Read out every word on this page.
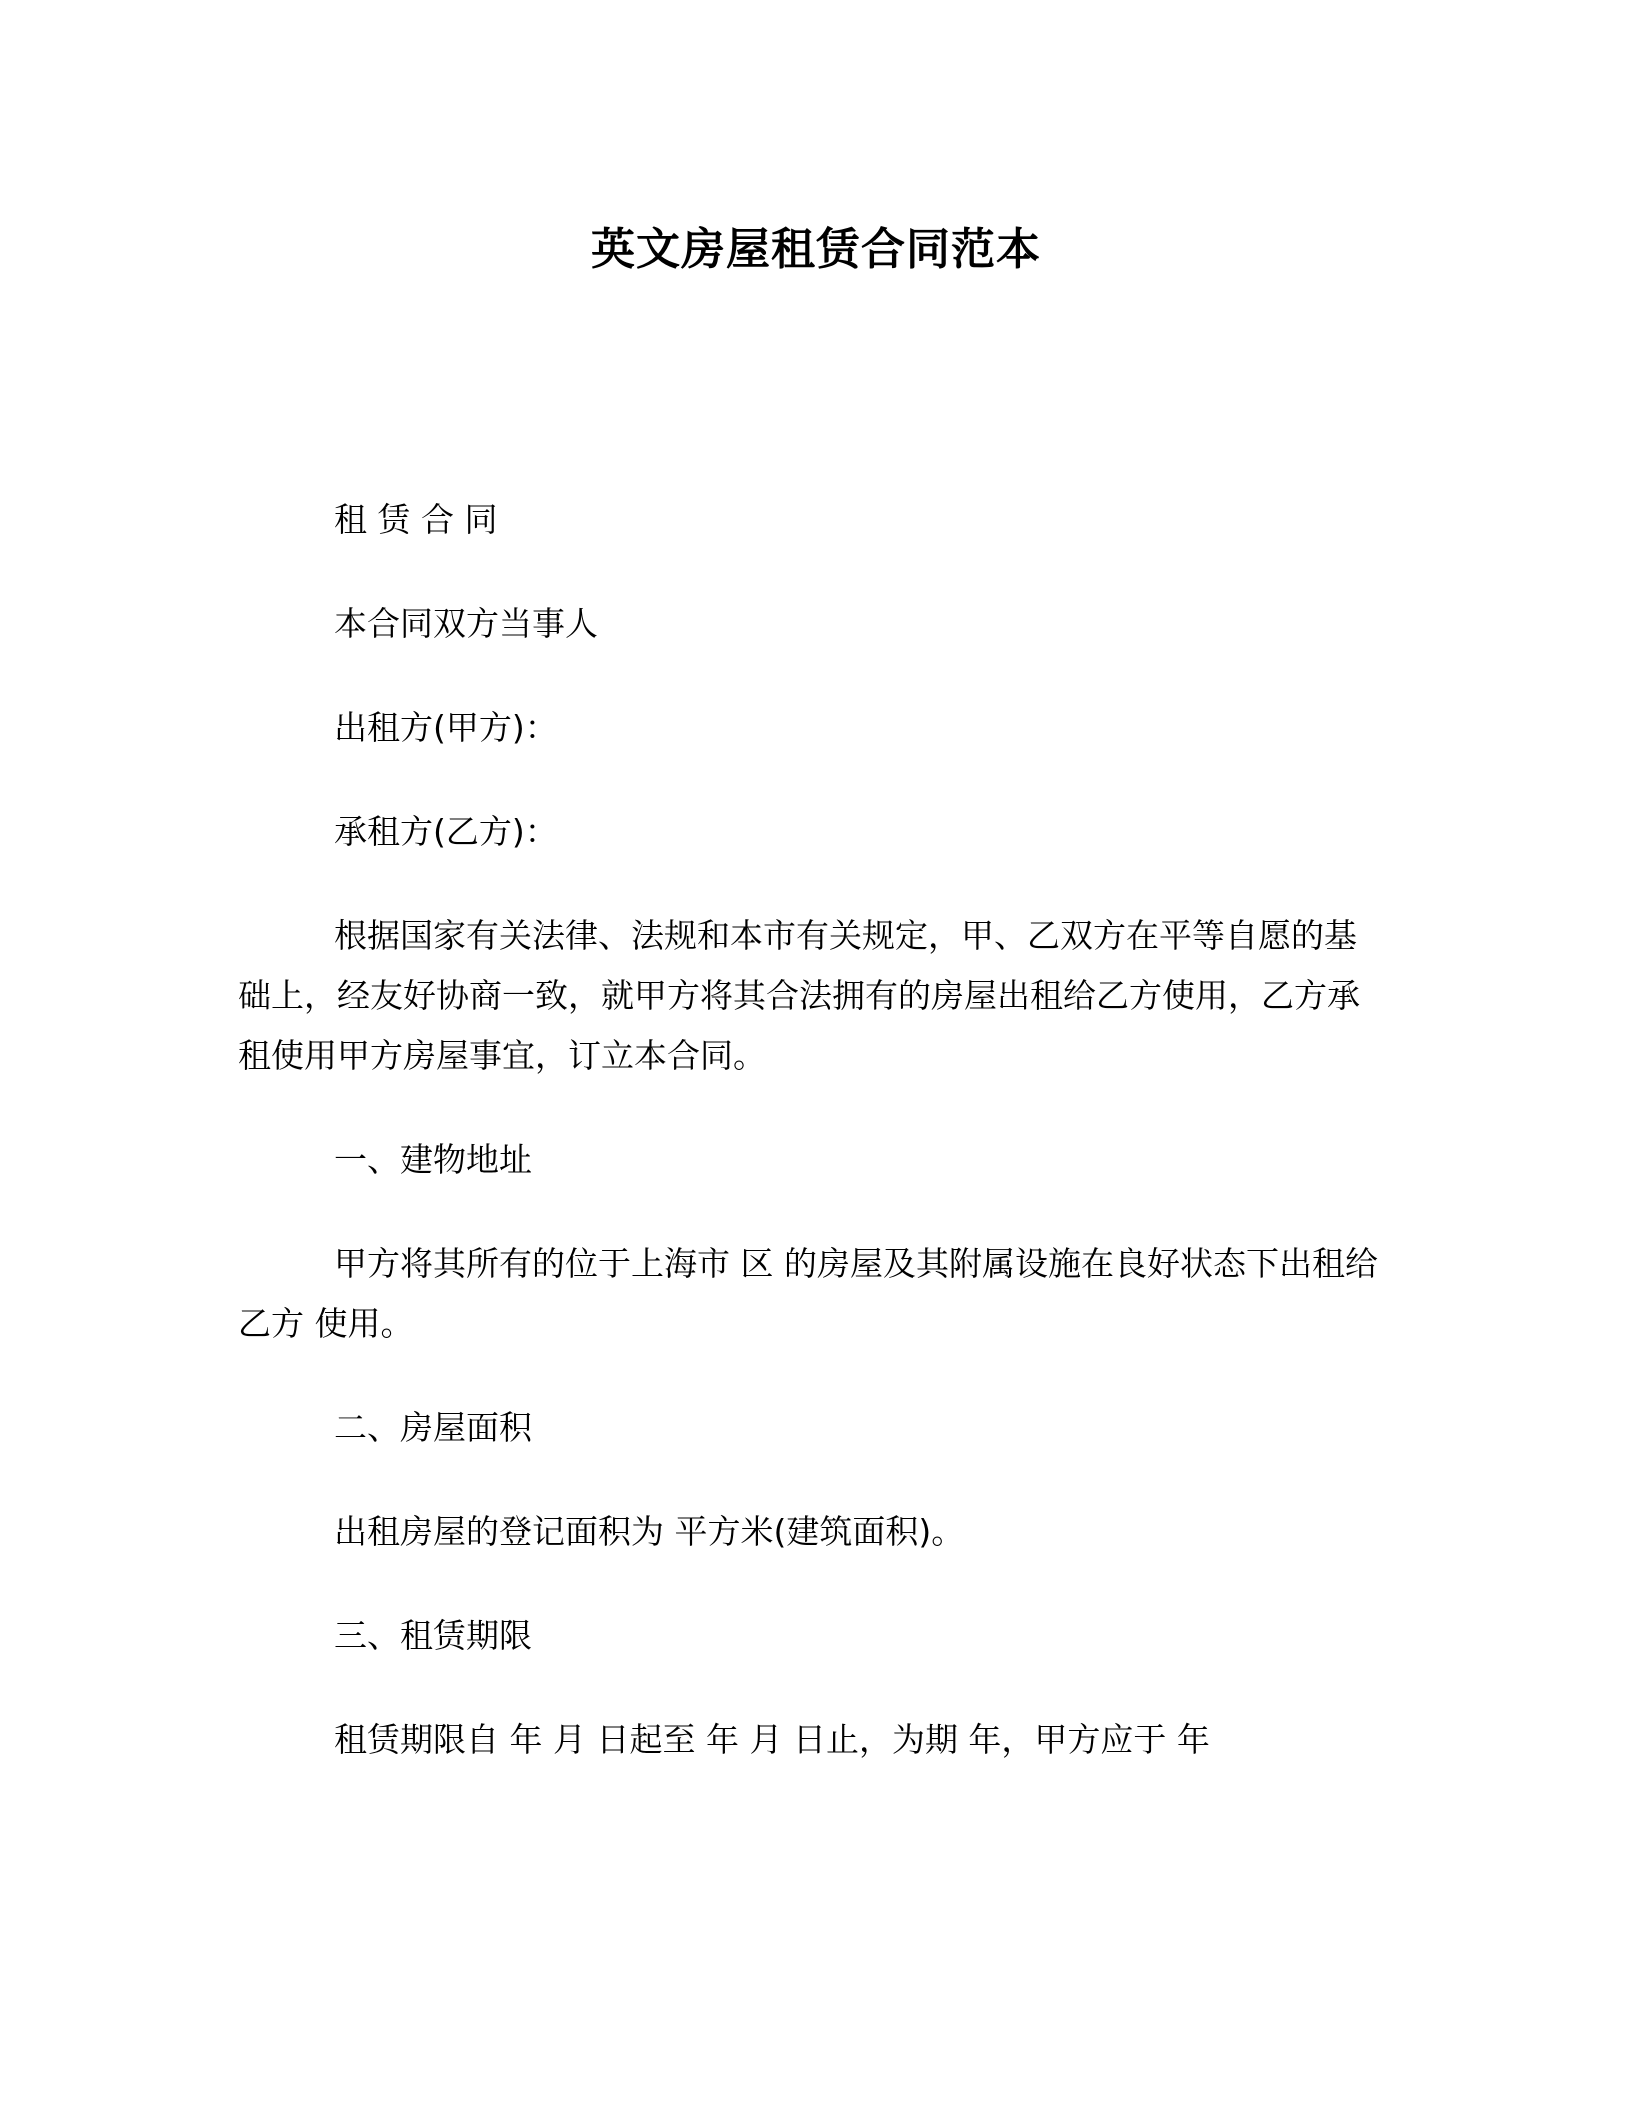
英文房屋租赁合同范本

租 赁 合 同

本合同双方当事人

出租方(甲方)：

承租方(乙方)：

根据国家有关法律、法规和本市有关规定，甲、乙双方在平等自愿的基础上，经友好协商一致，就甲方将其合法拥有的房屋出租给乙方使用，乙方承租使用甲方房屋事宜，订立本合同。

一、建物地址

甲方将其所有的位于上海市 区 的房屋及其附属设施在良好状态下出租给乙方 使用。

二、房屋面积

出租房屋的登记面积为 平方米(建筑面积)。

三、租赁期限

租赁期限自 年 月 日起至 年 月 日止，为期 年，甲方应于 年
